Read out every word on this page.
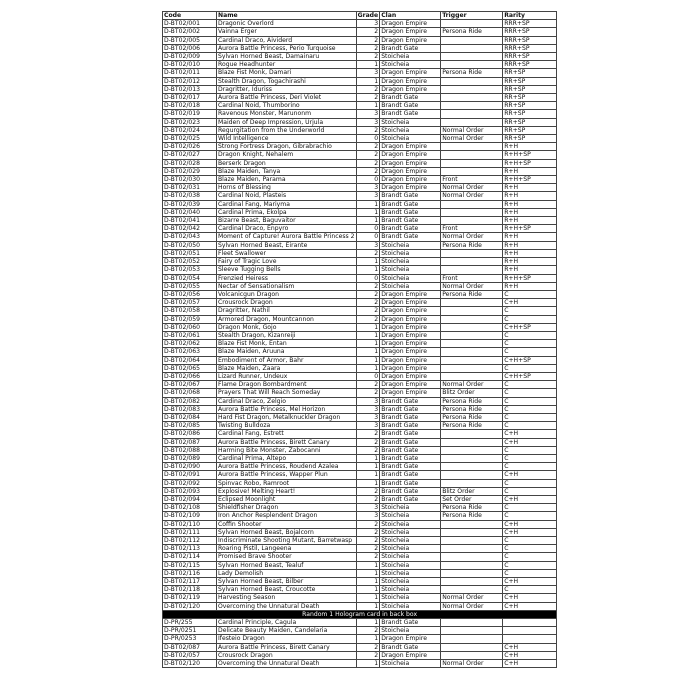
Code	Name	Grade	Clan	Trigger	Rarity
D-BT02/001	Dragonic Overlord	3	Dragon Empire		RRR+SP
D-BT02/002	Vainna Erger	2	Dragon Empire	Persona Ride	RRR+SP
D-BT02/005	Cardinal Draco, Aividerd	2	Dragon Empire		RRR+SP
D-BT02/006	Aurora Battle Princess, Perio Turquoise	2	Brandt Gate		RRR+SP
D-BT02/009	Sylvan Horned Beast, Damainaru	2	Stoicheia		RRR+SP
D-BT02/010	Rogue Headhunter	1	Stoicheia		RRR+SP
D-BT02/011	Blaze Fist Monk, Damari	3	Dragon Empire	Persona Ride	RR+SP
D-BT02/012	Stealth Dragon, Togachirashi	1	Dragon Empire		RR+SP
D-BT02/013	Dragritter, Iduriss	2	Dragon Empire		RR+SP
D-BT02/017	Aurora Battle Princess, Deri Violet	2	Brandt Gate		RR+SP
D-BT02/018	Cardinal Noid, Thumborino	1	Brandt Gate		RR+SP
D-BT02/019	Ravenous Monster, Marunonm	3	Brandt Gate		RR+SP
D-BT02/023	Maiden of Deep Impression, Urjula	3	Stoicheia		RR+SP
D-BT02/024	Regurgitation from the Underworld	2	Stoicheia	Normal Order	RR+SP
D-BT02/025	Wild Intelligence	0	Stoicheia	Normal Order	RR+SP
D-BT02/026	Strong Fortress Dragon, Gibrabrachio	2	Dragon Empire		R+H
D-BT02/027	Dragon Knight, Nehalem	2	Dragon Empire		R+H+SP
D-BT02/028	Berserk Dragon	2	Dragon Empire		R+H+SP
D-BT02/029	Blaze Maiden, Tanya	2	Dragon Empire		R+H
D-BT02/030	Blaze Maiden, Parama	0	Dragon Empire	Front	R+H+SP
D-BT02/031	Horns of Blessing	3	Dragon Empire	Normal Order	R+H
D-BT02/038	Cardinal Noid, Plasteis	3	Brandt Gate	Normal Order	R+H
D-BT02/039	Cardinal Fang, Mariyma	1	Brandt Gate		R+H
D-BT02/040	Cardinal Prima, Ekolpa	1	Brandt Gate		R+H
D-BT02/041	Bizarre Beast, Baguvaitor	1	Brandt Gate		R+H
D-BT02/042	Cardinal Draco, Enpyro	0	Brandt Gate	Front	R+H+SP
D-BT02/043	Moment of Capture! Aurora Battle Princess 2	0	Brandt Gate	Normal Order	R+H
D-BT02/050	Sylvan Horned Beast, Eirante	3	Stoicheia	Persona Ride	R+H
D-BT02/051	Fleet Swallower	2	Stoicheia		R+H
D-BT02/052	Fairy of Tragic Love	1	Stoicheia		R+H
D-BT02/053	Sleeve Tugging Bells	1	Stoicheia		R+H
D-BT02/054	Frenzied Heiress	0	Stoicheia	Front	R+H+SP
D-BT02/055	Nectar of Sensationalism	2	Stoicheia	Normal Order	R+H
D-BT02/056	Volcanicgun Dragon	2	Dragon Empire	Persona Ride	C
D-BT02/057	Crousrock Dragon	2	Dragon Empire		C+H
D-BT02/058	Dragritter, Nathil	2	Dragon Empire		C
D-BT02/059	Armored Dragon, Mountcannon	2	Dragon Empire		C
D-BT02/060	Dragon Monk, Gojo	1	Dragon Empire		C+H+SP
D-BT02/061	Stealth Dragon, Kizanreiji	1	Dragon Empire		C
D-BT02/062	Blaze Fist Monk, Entan	1	Dragon Empire		C
D-BT02/063	Blaze Maiden, Aruuna	1	Dragon Empire		C
D-BT02/064	Embodiment of Armor, Bahr	1	Dragon Empire		C+H+SP
D-BT02/065	Blaze Maiden, Zaara	1	Dragon Empire		C
D-BT02/066	Lizard Runner, Undeux	0	Dragon Empire		C+H+SP
D-BT02/067	Flame Dragon Bombardment	2	Dragon Empire	Normal Order	C
D-BT02/068	Prayers That Will Reach Someday	2	Dragon Empire	Blitz Order	C
D-BT02/082	Cardinal Draco, Zelgio	3	Brandt Gate	Persona Ride	C
D-BT02/083	Aurora Battle Princess, Mel Horizon	3	Brandt Gate	Persona Ride	C
D-BT02/084	Hard Fist Dragon, Metalknuckler Dragon	3	Brandt Gate	Persona Ride	C
D-BT02/085	Twisting Bulldoza	3	Brandt Gate	Persona Ride	C
D-BT02/086	Cardinal Fang, Estrett	2	Brandt Gate		C+H
D-BT02/087	Aurora Battle Princess, Birett Canary	2	Brandt Gate		C+H
D-BT02/088	Harming Bite Monster, Zabocanni	2	Brandt Gate		C
D-BT02/089	Cardinal Prima, Altepo	1	Brandt Gate		C
D-BT02/090	Aurora Battle Princess, Roudend Azalea	1	Brandt Gate		C
D-BT02/091	Aurora Battle Princess, Wapper Plun	1	Brandt Gate		C+H
D-BT02/092	Spinvac Robo, Ramroot	1	Brandt Gate		C
D-BT02/093	Explosive! Melting Heart!	2	Brandt Gate	Blitz Order	C
D-BT02/094	Eclipsed Moonlight	2	Brandt Gate	Set Order	C+H
D-BT02/108	Shieldfisher Dragon	3	Stoicheia	Persona Ride	C
D-BT02/109	Iron Anchor Resplendent Dragon	3	Stoicheia	Persona Ride	C
D-BT02/110	Coffin Shooter	2	Stoicheia		C+H
D-BT02/111	Sylvan Horned Beast, Bojalcorn	2	Stoicheia		C+H
D-BT02/112	Indiscriminate Shooting Mutant, Barretwasp	2	Stoicheia		C
D-BT02/113	Roaring Pistil, Langeena	2	Stoicheia		C
D-BT02/114	Promised Brave Shooter	2	Stoicheia		C
D-BT02/115	Sylvan Horned Beast, Tealuf	1	Stoicheia		C
D-BT02/116	Lady Demolish	1	Stoicheia		C
D-BT02/117	Sylvan Horned Beast, Bilber	1	Stoicheia		C+H
D-BT02/118	Sylvan Horned Beast, Croucotte	1	Stoicheia		C
D-BT02/119	Harvesting Season	1	Stoicheia	Normal Order	C+H
D-BT02/120	Overcoming the Unnatural Death	1	Stoicheia	Normal Order	C+H
Random 1 Hologram card in back box					
D-PR/255	Cardinal Principle, Cagula	1	Brandt Gate		
D-PR/0251	Delicate Beauty Maiden, Candelaria	2	Stoicheia		
D-PR/0253	Ifesteio Dragon	1	Dragon Empire		
D-BT02/087	Aurora Battle Princess, Birett Canary	2	Brandt Gate		C+H
D-BT02/057	Crousrock Dragon	2	Dragon Empire		C+H
D-BT02/120	Overcoming the Unnatural Death	1	Stoicheia	Normal Order	C+H
